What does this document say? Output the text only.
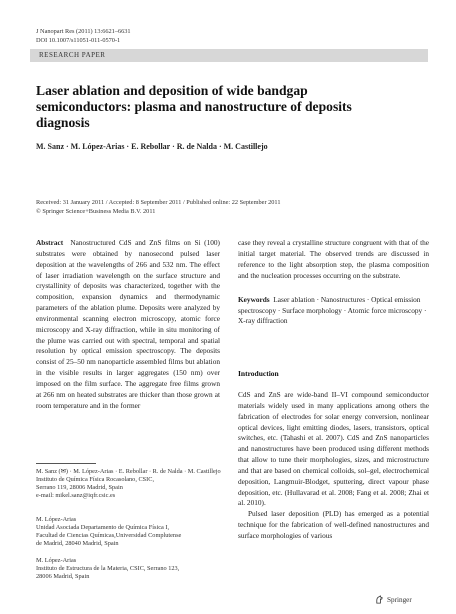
J Nanopart Res (2011) 13:6621–6631
DOI 10.1007/s11051-011-0570-1
RESEARCH PAPER
Laser ablation and deposition of wide bandgap semiconductors: plasma and nanostructure of deposits diagnosis
M. Sanz · M. López-Arias · E. Rebollar · R. de Nalda · M. Castillejo
Received: 31 January 2011 / Accepted: 8 September 2011 / Published online: 22 September 2011
© Springer Science+Business Media B.V. 2011

Abstract Nanostructured CdS and ZnS films on Si (100) substrates were obtained by nanosecond pulsed laser deposition at the wavelengths of 266 and 532 nm. The effect of laser irradiation wavelength on the surface structure and crystallinity of deposits was characterized, together with the composition, expansion dynamics and thermodynamic parameters of the ablation plume. Deposits were analyzed by environmental scanning electron microscopy, atomic force microscopy and X-ray diffraction, while in situ monitoring of the plume was carried out with spectral, temporal and spatial resolution by optical emission spectroscopy. The deposits consist of 25–50 nm nanoparticle assembled films but ablation in the visible results in larger aggregates (150 nm) over imposed on the film surface. The aggregate free films grown at 266 nm on heated substrates are thicker than those grown at room temperature and in the former

case they reveal a crystalline structure congruent with that of the initial target material. The observed trends are discussed in reference to the light absorption step, the plasma composition and the nucleation processes occurring on the substrate.

Keywords Laser ablation · Nanostructures · Optical emission spectroscopy · Surface morphology · Atomic force microscopy · X-ray diffraction
M. Sanz (✉) · M. López-Arias · E. Rebollar · R. de Nalda · M. Castillejo
Instituto de Química Física Rocasolano, CSIC,
Serrano 119, 28006 Madrid, Spain
e-mail: mikel.sanz@iqfr.csic.es
M. López-Arias
Unidad Asociada Departamento de Química Física I,
Facultad de Ciencias Químicas,Universidad Complutense
de Madrid, 28040 Madrid, Spain
M. López-Arias
Instituto de Estructura de la Materia, CSIC, Serrano 123,
28006 Madrid, Spain
Introduction

CdS and ZnS are wide-band II–VI compound semiconductor materials widely used in many applications among others the fabrication of electrodes for solar energy conversion, nonlinear optical devices, light emitting diodes, lasers, transistors, optical switches, etc. (Tahashi et al. 2007). CdS and ZnS nanoparticles and nanostructures have been produced using different methods that allow to tune their morphologies, sizes, and microstructure and that are based on chemical colloids, sol–gel, electrochemical deposition, Langmuir-Blodget, sputtering, direct vapour phase deposition, etc. (Hullavarad et al. 2008; Fang et al. 2008; Zhai et al. 2010).

Pulsed laser deposition (PLD) has emerged as a potential technique for the fabrication of well-defined nanostructures and surface morphologies of various

Springer
